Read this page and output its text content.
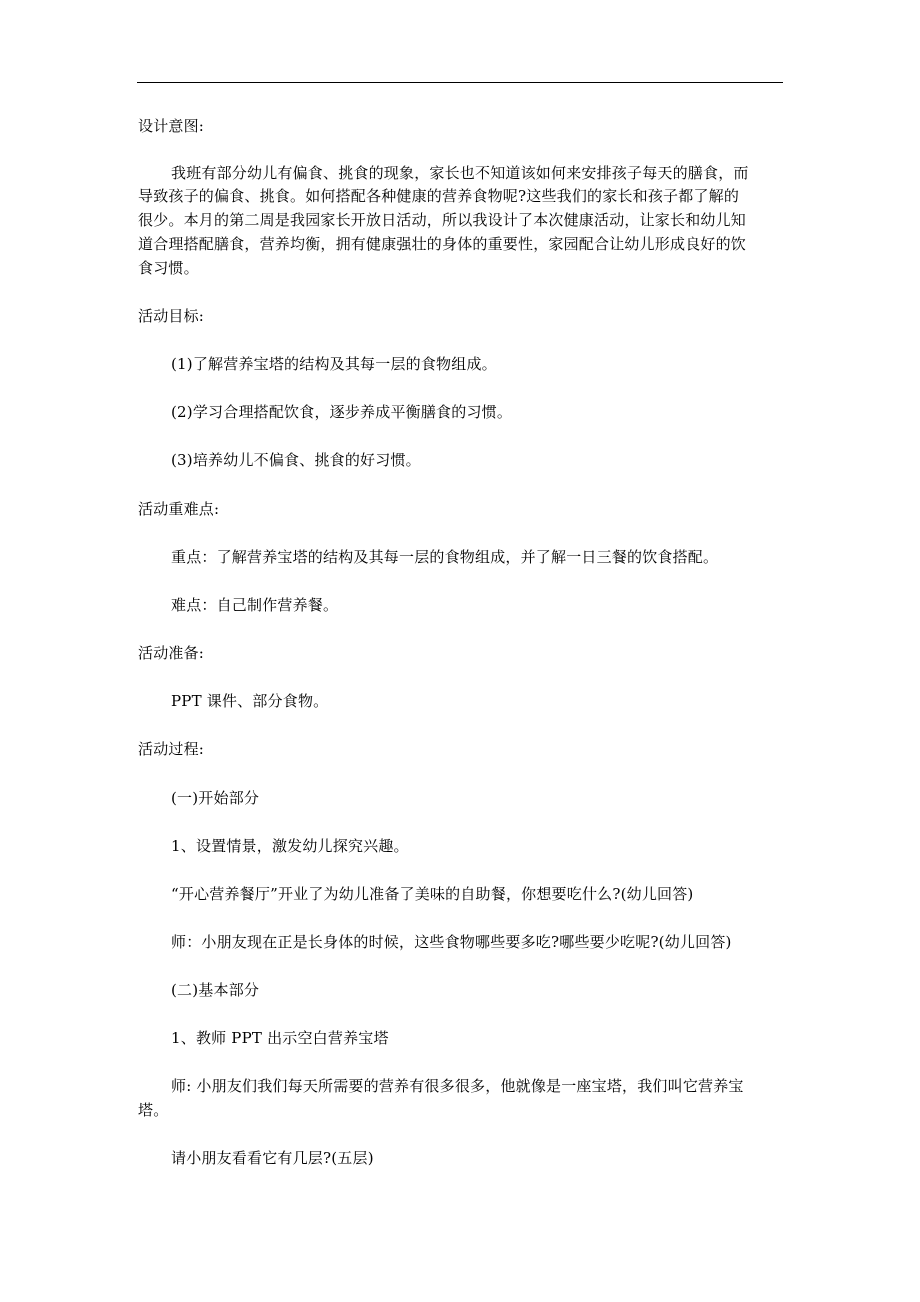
设计意图:
我班有部分幼儿有偏食、挑食的现象，家长也不知道该如何来安排孩子每天的膳食，而
导致孩子的偏食、挑食。如何搭配各种健康的营养食物呢?这些我们的家长和孩子都了解的
很少。本月的第二周是我园家长开放日活动，所以我设计了本次健康活动，让家长和幼儿知
道合理搭配膳食，营养均衡，拥有健康强壮的身体的重要性，家园配合让幼儿形成良好的饮
食习惯。
活动目标:
(1)了解营养宝塔的结构及其每一层的食物组成。
(2)学习合理搭配饮食，逐步养成平衡膳食的习惯。
(3)培养幼儿不偏食、挑食的好习惯。
活动重难点:
重点：了解营养宝塔的结构及其每一层的食物组成，并了解一日三餐的饮食搭配。
难点：自己制作营养餐。
活动准备:
PPT 课件、部分食物。
活动过程:
(一)开始部分
1、设置情景，激发幼儿探究兴趣。
“开心营养餐厅”开业了为幼儿准备了美味的自助餐，你想要吃什么?(幼儿回答)
师：小朋友现在正是长身体的时候，这些食物哪些要多吃?哪些要少吃呢?(幼儿回答)
(二)基本部分
1、教师 PPT 出示空白营养宝塔
师: 小朋友们我们每天所需要的营养有很多很多，他就像是一座宝塔，我们叫它营养宝
塔。
请小朋友看看它有几层?(五层)
